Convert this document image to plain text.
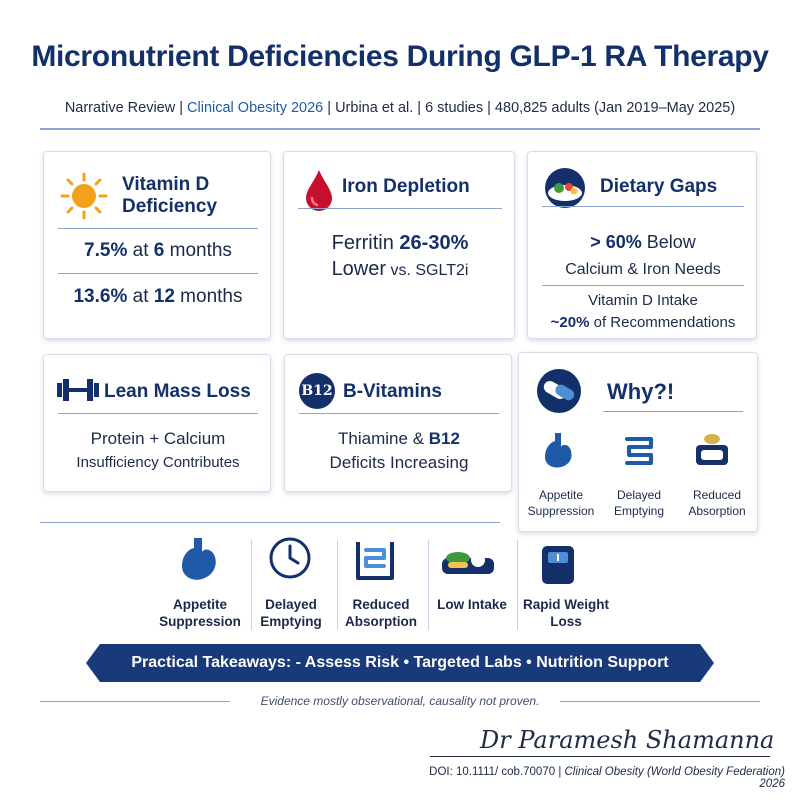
Micronutrient Deficiencies During GLP-1 RA Therapy
Narrative Review | Clinical Obesity 2026 | Urbina et al. | 6 studies | 480,825 adults (Jan 2019–May 2025)
Vitamin D
Deficiency
7.5% at 6 months
13.6% at 12 months
Iron Depletion
Ferritin 26-30%
Lower vs. SGLT2i
Dietary Gaps
> 60% Below
Calcium & Iron Needs
Vitamin D Intake
~20% of Recommendations
Lean Mass Loss
Protein + Calcium
Insufficiency Contributes
B12 B-Vitamins
Thiamine & B12
Deficits Increasing
Why?!
Appetite Suppression
Delayed Emptying
Reduced Absorption
Appetite Suppression
Delayed Emptying
Reduced Absorption
Low Intake	Rapid Weight Loss
Practical Takeaways: - Assess Risk • Targeted Labs • Nutrition Support
Evidence mostly observational, causality not proven.
Dr Paramesh Shamanna
DOI: 10.1111/ cob.70070 | Clinical Obesity (World Obesity Federation) 2026
